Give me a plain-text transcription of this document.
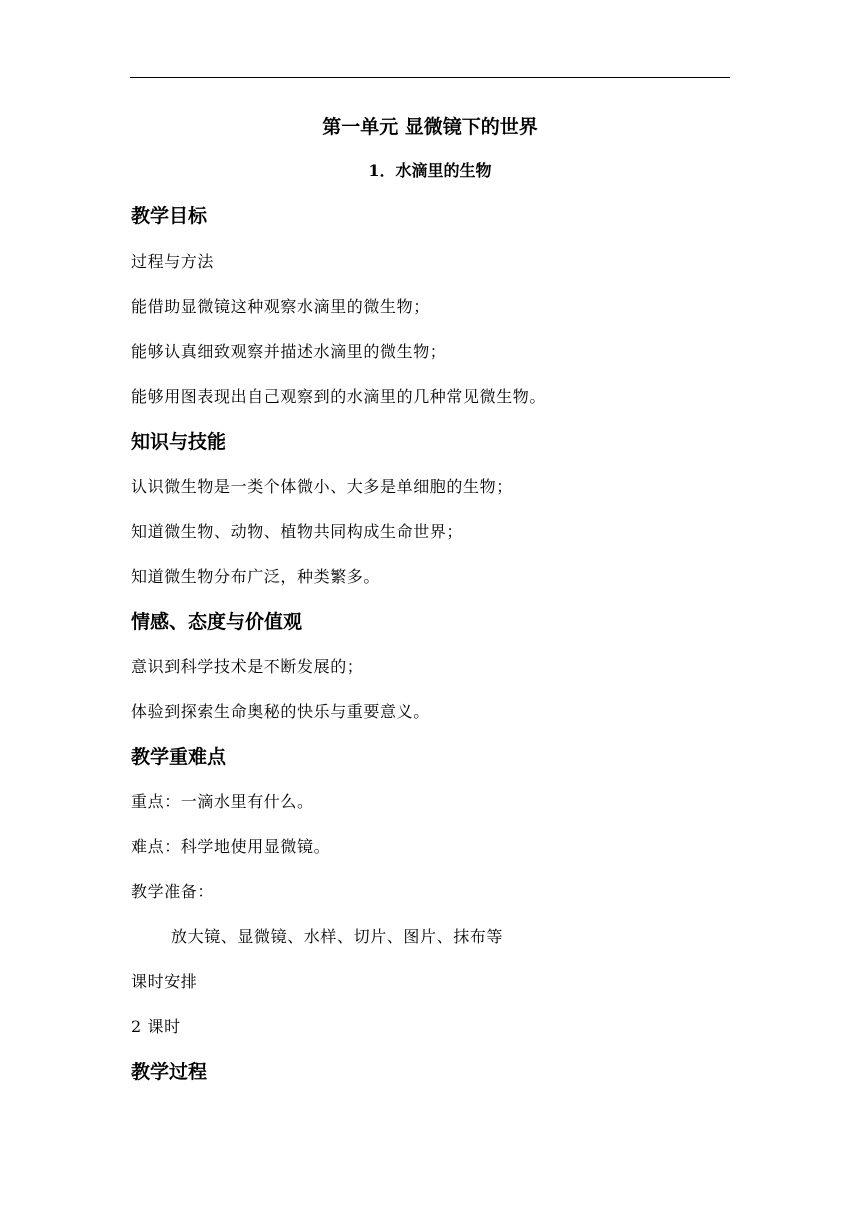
第一单元 显微镜下的世界
1．水滴里的生物
教学目标
过程与方法
能借助显微镜这种观察水滴里的微生物；
能够认真细致观察并描述水滴里的微生物；
能够用图表现出自己观察到的水滴里的几种常见微生物。
知识与技能
认识微生物是一类个体微小、大多是单细胞的生物；
知道微生物、动物、植物共同构成生命世界；
知道微生物分布广泛，种类繁多。
情感、态度与价值观
意识到科学技术是不断发展的；
体验到探索生命奥秘的快乐与重要意义。
教学重难点
重点：一滴水里有什么。
难点：科学地使用显微镜。
教学准备：
放大镜、显微镜、水样、切片、图片、抹布等
课时安排
2 课时
教学过程
